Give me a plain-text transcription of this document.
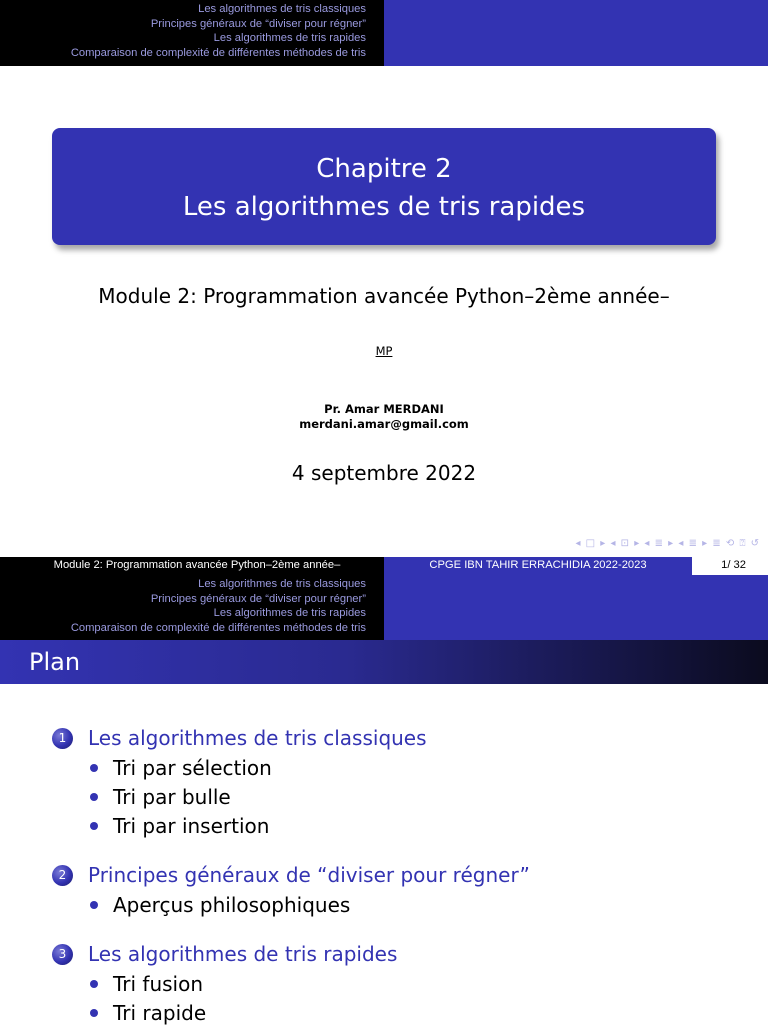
Les algorithmes de tris classiques
Principes généraux de “diviser pour régner”
Les algorithmes de tris rapides
Comparaison de complexité de différentes méthodes de tris
Chapitre 2
Les algorithmes de tris rapides
Module 2: Programmation avancée Python–2ème année–
MP
Pr. Amar MERDANI
merdani.amar@gmail.com
4 septembre 2022
◂ □ ▸ ◂ ⊡ ▸ ◂ ≣ ▸ ◂ ≣ ▸ ≣ ⟲ ⍰ ↺
Module 2: Programmation avancée Python–2ème année–	CPGE IBN TAHIR ERRACHIDIA 2022-2023	1/ 32
Les algorithmes de tris classiques
Principes généraux de “diviser pour régner”
Les algorithmes de tris rapides
Comparaison de complexité de différentes méthodes de tris
Plan
1	Les algorithmes de tris classiques
Tri par sélection
Tri par bulle
Tri par insertion
2	Principes généraux de “diviser pour régner”
Aperçus philosophiques
3	Les algorithmes de tris rapides
Tri fusion
Tri rapide
